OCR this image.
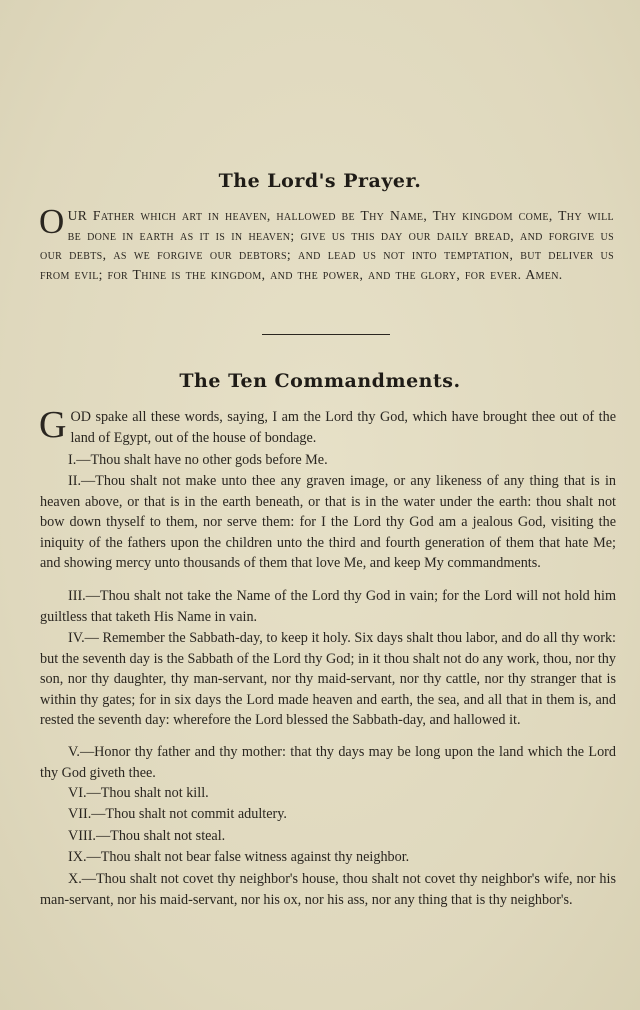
The Lord's Prayer.
OUR Father which art in heaven, hallowed be Thy Name, Thy kingdom come, Thy will be done in earth as it is in heaven; give us this day our daily bread, and forgive us our debts, as we forgive our debtors; and lead us not into temptation, but deliver us from evil; for Thine is the kingdom, and the power, and the glory, for ever. Amen.
The Ten Commandments.
GOD spake all these words, saying, I am the Lord thy God, which have brought thee out of the land of Egypt, out of the house of bondage.
I.—Thou shalt have no other gods before Me.
II.—Thou shalt not make unto thee any graven image, or any likeness of any thing that is in heaven above, or that is in the earth beneath, or that is in the water under the earth: thou shalt not bow down thyself to them, nor serve them: for I the Lord thy God am a jealous God, visiting the iniquity of the fathers upon the children unto the third and fourth generation of them that hate Me; and showing mercy unto thousands of them that love Me, and keep My commandments.
III.—Thou shalt not take the Name of the Lord thy God in vain; for the Lord will not hold him guiltless that taketh His Name in vain.
IV.— Remember the Sabbath-day, to keep it holy. Six days shalt thou labor, and do all thy work: but the seventh day is the Sabbath of the Lord thy God; in it thou shalt not do any work, thou, nor thy son, nor thy daughter, thy man-servant, nor thy maid-servant, nor thy cattle, nor thy stranger that is within thy gates; for in six days the Lord made heaven and earth, the sea, and all that in them is, and rested the seventh day: wherefore the Lord blessed the Sabbath-day, and hallowed it.
V.—Honor thy father and thy mother: that thy days may be long upon the land which the Lord thy God giveth thee.
VI.—Thou shalt not kill.
VII.—Thou shalt not commit adultery.
VIII.—Thou shalt not steal.
IX.—Thou shalt not bear false witness against thy neighbor.
X.—Thou shalt not covet thy neighbor's house, thou shalt not covet thy neighbor's wife, nor his man-servant, nor his maid-servant, nor his ox, nor his ass, nor any thing that is thy neighbor's.
